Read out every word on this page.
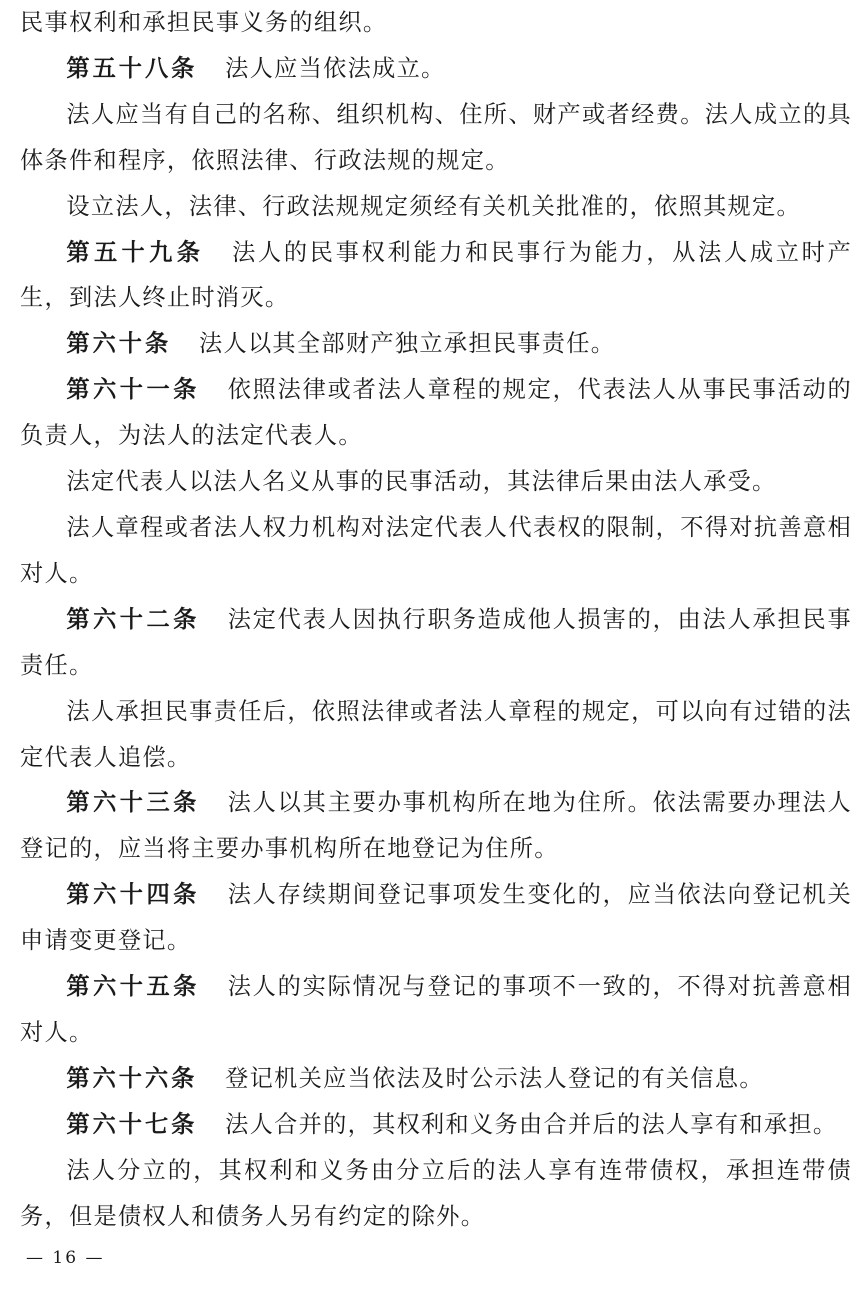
民事权利和承担民事义务的组织。

第五十八条 法人应当依法成立。

法人应当有自己的名称、组织机构、住所、财产或者经费。法人成立的具体条件和程序，依照法律、行政法规的规定。

设立法人，法律、行政法规规定须经有关机关批准的，依照其规定。

第五十九条 法人的民事权利能力和民事行为能力，从法人成立时产生，到法人终止时消灭。

第六十条 法人以其全部财产独立承担民事责任。

第六十一条 依照法律或者法人章程的规定，代表法人从事民事活动的负责人，为法人的法定代表人。

法定代表人以法人名义从事的民事活动，其法律后果由法人承受。

法人章程或者法人权力机构对法定代表人代表权的限制，不得对抗善意相对人。

第六十二条 法定代表人因执行职务造成他人损害的，由法人承担民事责任。

法人承担民事责任后，依照法律或者法人章程的规定，可以向有过错的法定代表人追偿。

第六十三条 法人以其主要办事机构所在地为住所。依法需要办理法人登记的，应当将主要办事机构所在地登记为住所。

第六十四条 法人存续期间登记事项发生变化的，应当依法向登记机关申请变更登记。

第六十五条 法人的实际情况与登记的事项不一致的，不得对抗善意相对人。

第六十六条 登记机关应当依法及时公示法人登记的有关信息。

第六十七条 法人合并的，其权利和义务由合并后的法人享有和承担。

法人分立的，其权利和义务由分立后的法人享有连带债权，承担连带债务，但是债权人和债务人另有约定的除外。

— 16 —
